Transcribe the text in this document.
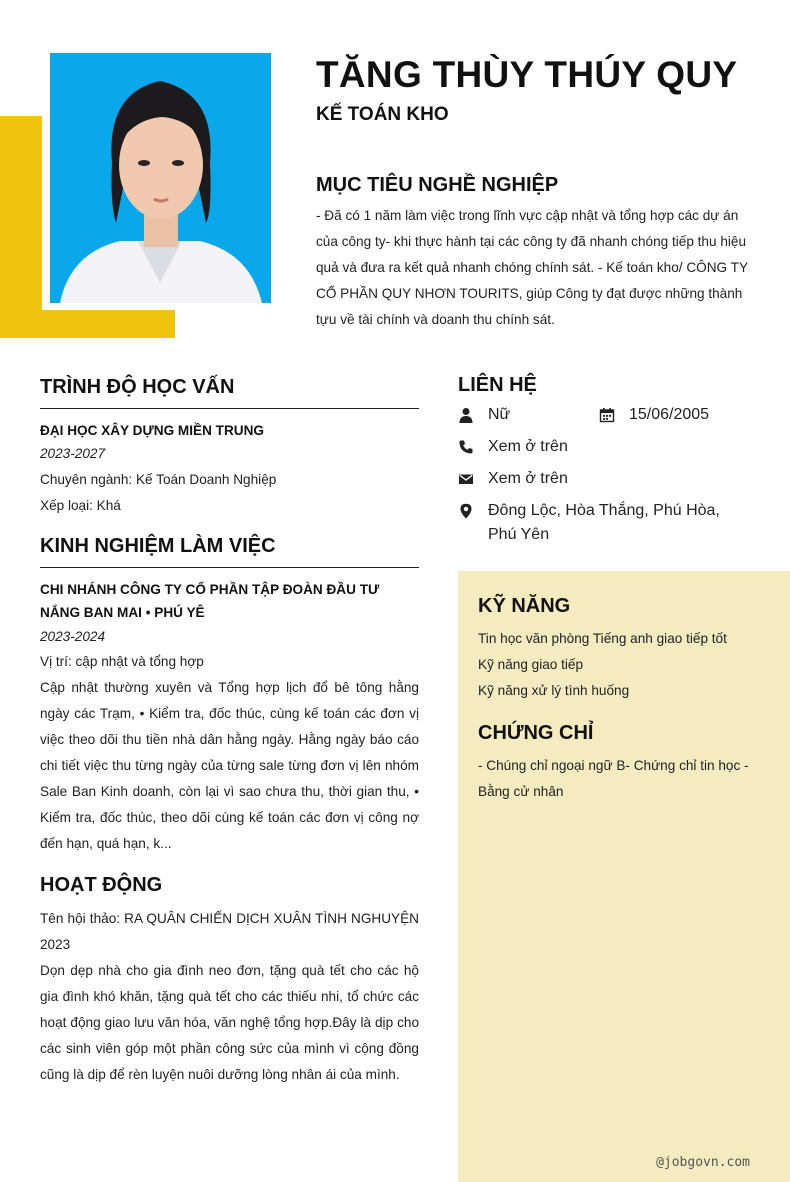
TĂNG THÙY THÚY QUY
KẾ TOÁN KHO
MỤC TIÊU NGHỀ NGHIỆP
- Đã có 1 năm làm việc trong lĩnh vực cập nhật và tổng hợp các dự án của công ty- khi thực hành tại các công ty đã nhanh chóng tiếp thu hiệu quả và đưa ra kết quả nhanh chóng chính sát. - Kế toán kho/ CÔNG TY CỔ PHẦN QUY NHƠN TOURITS, giúp Công ty đạt được những thành tựu về tài chính và doanh thu chính sát.
TRÌNH ĐỘ HỌC VẤN
ĐẠI HỌC XÂY DỰNG MIỀN TRUNG
2023-2027
Chuyên ngành: Kế Toán Doanh Nghiệp
Xếp loại: Khá
KINH NGHIỆM LÀM VIỆC
CHI NHÁNH CÔNG TY CỔ PHẦN TẬP ĐOÀN ĐẦU TƯ NẮNG BAN MAI • PHÚ YÊ
2023-2024
Vị trí: cập nhật và tổng hợp
Cập nhật thường xuyên và Tổng hợp lịch đổ bê tông hằng ngày các Trạm, • Kiểm tra, đốc thúc, cùng kế toán các đơn vị việc theo dõi thu tiền nhà dân hằng ngày. Hằng ngày báo cáo chi tiết việc thu từng ngày của từng sale từng đơn vị lên nhóm Sale Ban Kinh doanh, còn lại vì sao chưa thu, thời gian thu, • Kiểm tra, đốc thúc, theo dõi cùng kế toán các đơn vị công nợ đến hạn, quá hạn, k...
HOẠT ĐỘNG
Tên hội thảo: RA QUÂN CHIẾN DỊCH XUÂN TÌNH NGHUYỆN 2023
Dọn dẹp nhà cho gia đình neo đơn, tặng quà tết cho các hộ gia đình khó khăn, tặng quà tết cho các thiếu nhi, tổ chức các hoạt động giao lưu văn hóa, văn nghệ tổng hợp.Đây là dịp cho các sinh viên góp một phần công sức của mình vì cộng đồng cũng là dịp để rèn luyện nuôi dưỡng lòng nhân ái của mình.
LIÊN HỆ
Nữ	15/06/2005
Xem ở trên
Xem ở trên
Đông Lộc, Hòa Thắng, Phú Hòa, Phú Yên
KỸ NĂNG
Tin học văn phòng Tiếng anh giao tiếp tốt
Kỹ năng giao tiếp
Kỹ năng xử lý tình huống
CHỨNG CHỈ
- Chúng chỉ ngoại ngữ B- Chứng chỉ tin học - Bằng cử nhân
@jobgovn.com
